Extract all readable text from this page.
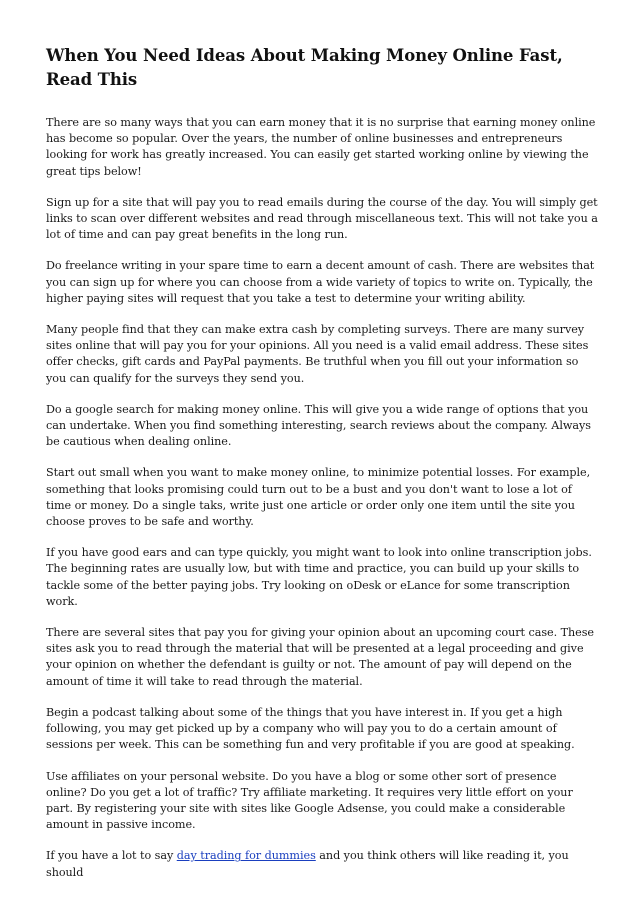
When You Need Ideas About Making Money Online Fast, Read This

There are so many ways that you can earn money that it is no surprise that earning money online has become so popular. Over the years, the number of online businesses and entrepreneurs looking for work has greatly increased. You can easily get started working online by viewing the great tips below!

Sign up for a site that will pay you to read emails during the course of the day. You will simply get links to scan over different websites and read through miscellaneous text. This will not take you a lot of time and can pay great benefits in the long run.

Do freelance writing in your spare time to earn a decent amount of cash. There are websites that you can sign up for where you can choose from a wide variety of topics to write on. Typically, the higher paying sites will request that you take a test to determine your writing ability.

Many people find that they can make extra cash by completing surveys. There are many survey sites online that will pay you for your opinions. All you need is a valid email address. These sites offer checks, gift cards and PayPal payments. Be truthful when you fill out your information so you can qualify for the surveys they send you.

Do a google search for making money online. This will give you a wide range of options that you can undertake. When you find something interesting, search reviews about the company. Always be cautious when dealing online.

Start out small when you want to make money online, to minimize potential losses. For example, something that looks promising could turn out to be a bust and you don't want to lose a lot of time or money. Do a single taks, write just one article or order only one item until the site you choose proves to be safe and worthy.

If you have good ears and can type quickly, you might want to look into online transcription jobs. The beginning rates are usually low, but with time and practice, you can build up your skills to tackle some of the better paying jobs. Try looking on oDesk or eLance for some transcription work.

There are several sites that pay you for giving your opinion about an upcoming court case. These sites ask you to read through the material that will be presented at a legal proceeding and give your opinion on whether the defendant is guilty or not. The amount of pay will depend on the amount of time it will take to read through the material.

Begin a podcast talking about some of the things that you have interest in. If you get a high following, you may get picked up by a company who will pay you to do a certain amount of sessions per week. This can be something fun and very profitable if you are good at speaking.

Use affiliates on your personal website. Do you have a blog or some other sort of presence online? Do you get a lot of traffic? Try affiliate marketing. It requires very little effort on your part. By registering your site with sites like Google Adsense, you could make a considerable amount in passive income.

If you have a lot to say day trading for dummies and you think others will like reading it, you should
